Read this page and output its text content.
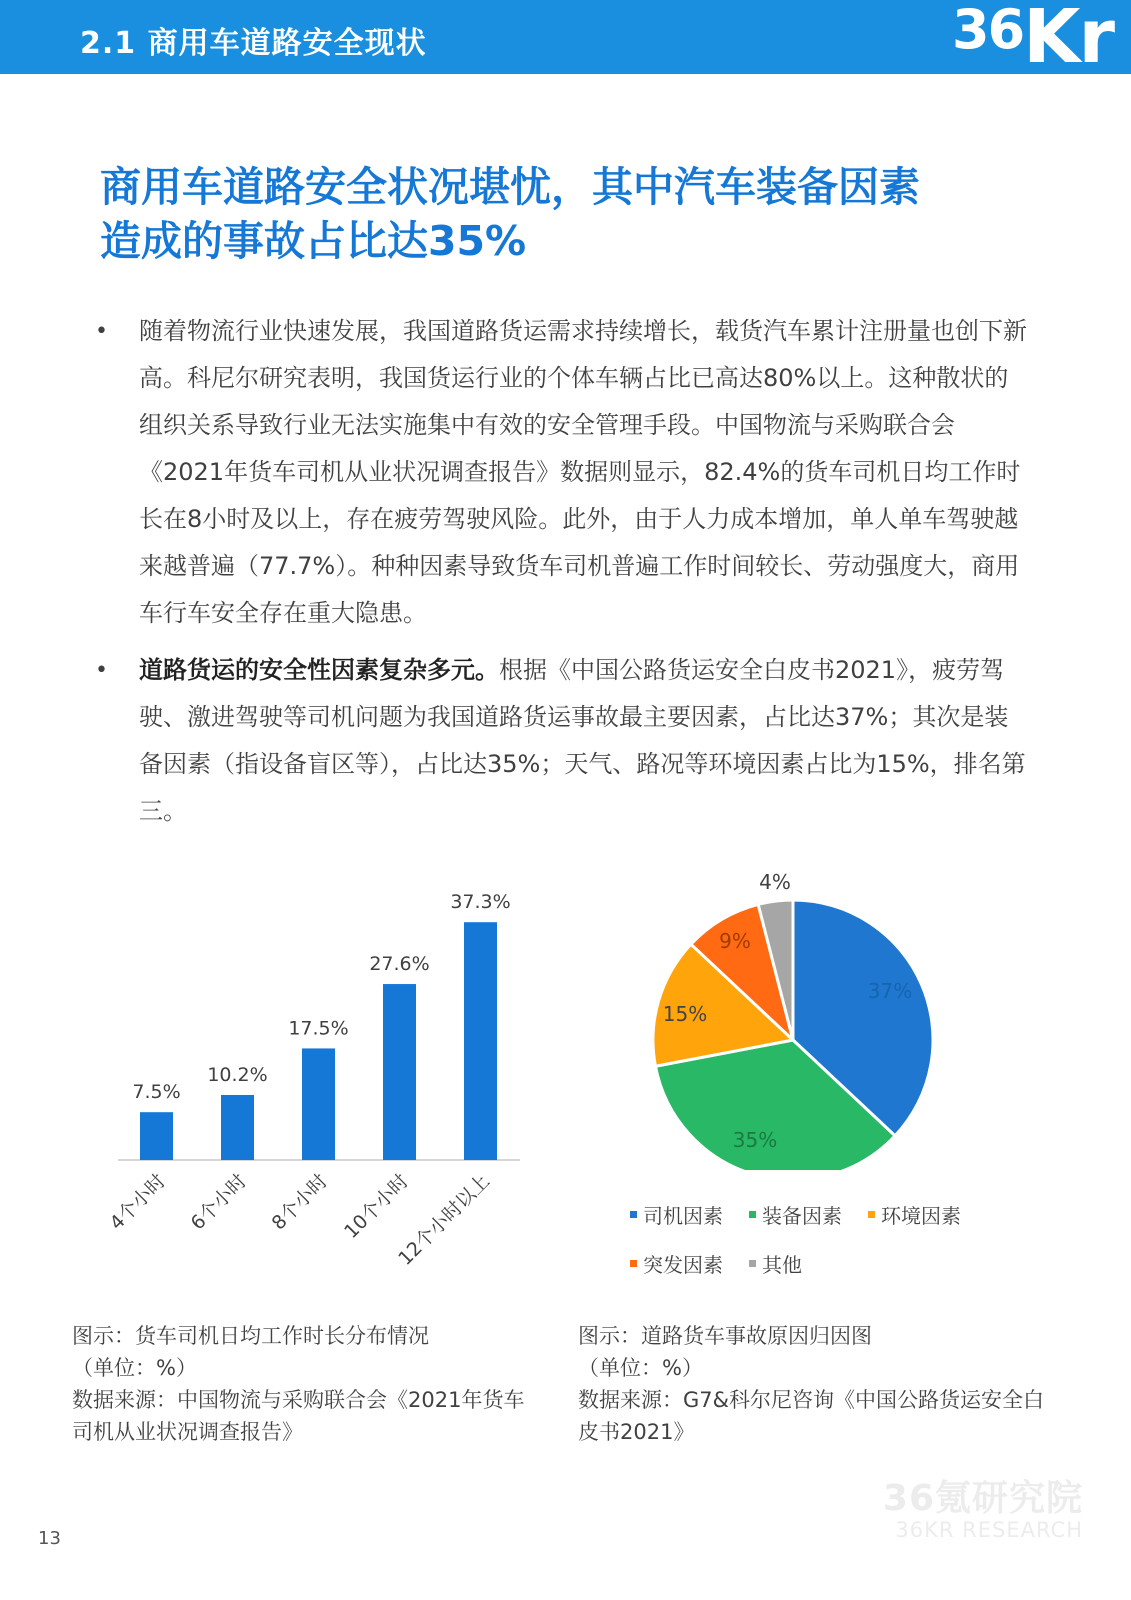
2.1 商用车道路安全现状	36Kr
商用车道路安全状况堪忧，其中汽车装备因素
造成的事故占比达35%
• 随着物流行业快速发展，我国道路货运需求持续增长，载货汽车累计注册量也创下新高。科尼尔研究表明，我国货运行业的个体车辆占比已高达80%以上。这种散状的组织关系导致行业无法实施集中有效的安全管理手段。中国物流与采购联合会《2021年货车司机从业状况调查报告》数据则显示，82.4%的货车司机日均工作时长在8小时及以上，存在疲劳驾驶风险。此外，由于人力成本增加，单人单车驾驶越来越普遍（77.7%）。种种因素导致货车司机普遍工作时间较长、劳动强度大，商用车行车安全存在重大隐患。
• 道路货运的安全性因素复杂多元。根据《中国公路货运安全白皮书2021》，疲劳驾驶、激进驾驶等司机问题为我国道路货运事故最主要因素，占比达37%；其次是装备因素（指设备盲区等），占比达35%；天气、路况等环境因素占比为15%，排名第三。
7.5%
4个小时
10.2%
6个小时
17.5%
8个小时
27.6%
10个小时
37.3%
12个小时以上
37%
35%
15%
9%
4%
司机因素 装备因素 环境因素
突发因素 其他
图示：货车司机日均工作时长分布情况
（单位：%）
数据来源：中国物流与采购联合会《2021年货车司机从业状况调查报告》
图示：道路货车事故原因归因图
（单位：%）
数据来源：G7&科尔尼咨询《中国公路货运安全白皮书2021》
36氪研究院
36KR RESEARCH
13
